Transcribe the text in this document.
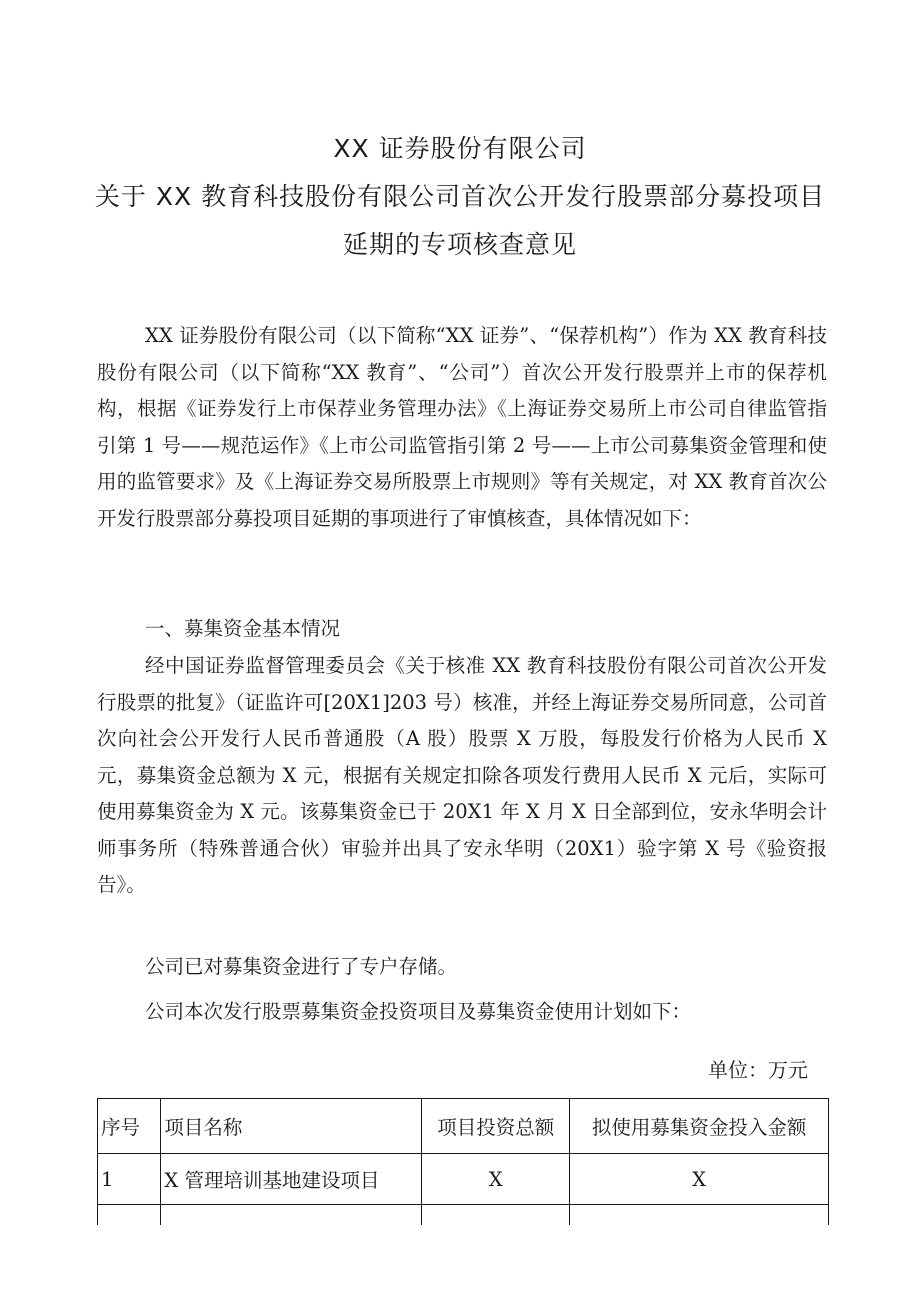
XX 证券股份有限公司
关于 XX 教育科技股份有限公司首次公开发行股票部分募投项目
延期的专项核查意见

XX 证券股份有限公司（以下简称“XX 证券”、“保荐机构”）作为 XX 教育科技股份有限公司（以下简称“XX 教育”、“公司”）首次公开发行股票并上市的保荐机构，根据《证券发行上市保荐业务管理办法》《上海证券交易所上市公司自律监管指引第 1 号——规范运作》《上市公司监管指引第 2 号——上市公司募集资金管理和使用的监管要求》及《上海证券交易所股票上市规则》等有关规定，对 XX 教育首次公开发行股票部分募投项目延期的事项进行了审慎核查，具体情况如下：

一、募集资金基本情况

经中国证券监督管理委员会《关于核准 XX 教育科技股份有限公司首次公开发行股票的批复》（证监许可[20X1]203 号）核准，并经上海证券交易所同意，公司首次向社会公开发行人民币普通股（A 股）股票 X 万股，每股发行价格为人民币 X 元，募集资金总额为 X 元，根据有关规定扣除各项发行费用人民币 X 元后，实际可使用募集资金为 X 元。该募集资金已于 20X1 年 X 月 X 日全部到位，安永华明会计师事务所（特殊普通合伙）审验并出具了安永华明（20X1）验字第 X 号《验资报告》。

公司已对募集资金进行了专户存储。

公司本次发行股票募集资金投资项目及募集资金使用计划如下：

单位：万元
序号	项目名称	项目投资总额	拟使用募集资金投入金额
1	X 管理培训基地建设项目	X	X
